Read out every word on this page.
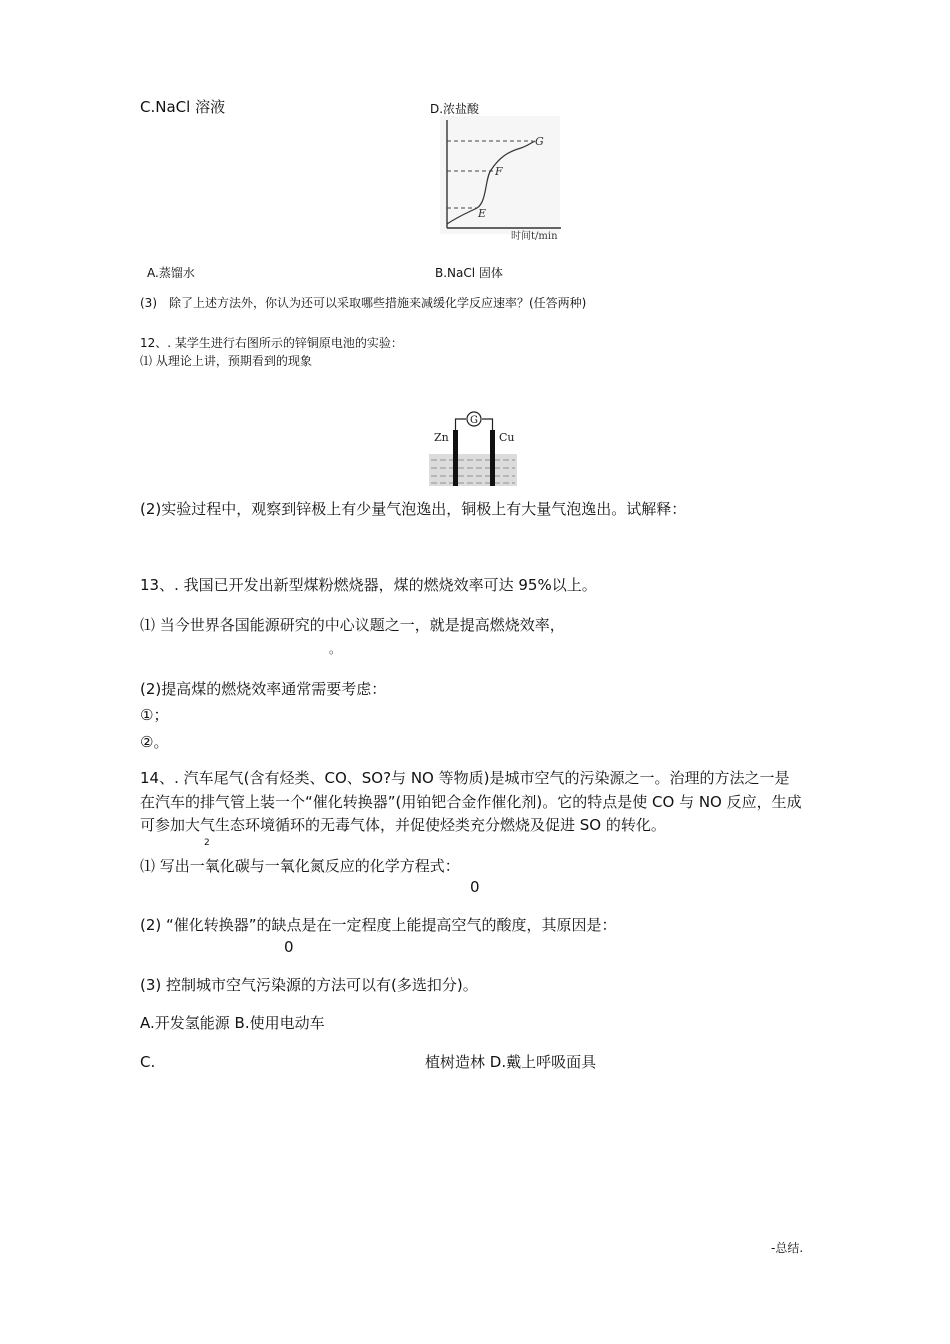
C.NaCl 溶液	D.浓盐酸
G
F
E
时间t/min
A.蒸馏水	B.NaCl 固体
(3)　除了上述方法外，你认为还可以采取哪些措施来减缓化学反应速率？(任答两种)
12、. 某学生进行右图所示的锌铜原电池的实验：
⑴ 从理论上讲，预期看到的现象
G
Zn	Cu
(2)实验过程中，观察到锌极上有少量气泡逸出，铜极上有大量气泡逸出。试解释：
13、. 我国已开发出新型煤粉燃烧器，煤的燃烧效率可达 95%以上。
⑴ 当今世界各国能源研究的中心议题之一，就是提高燃烧效率，
。
(2)提高煤的燃烧效率通常需要考虑：
①；
②。
14、. 汽车尾气(含有烃类、CO、SO?与 NO 等物质)是城市空气的污染源之一。治理的方法之一是
在汽车的排气管上装一个“催化转换器”(用铂钯合金作催化剂)。它的特点是使 CO 与 NO 反应，生成
可参加大气生态环境循环的无毒气体，并促使烃类充分燃烧及促进 SO 的转化。
2
⑴ 写出一氧化碳与一氧化氮反应的化学方程式：
0
(2) “催化转换器”的缺点是在一定程度上能提高空气的酸度，其原因是：
0
(3) 控制城市空气污染源的方法可以有(多选扣分)。
A.开发氢能源 B.使用电动车
C.	植树造林 D.戴上呼吸面具
-总结.
